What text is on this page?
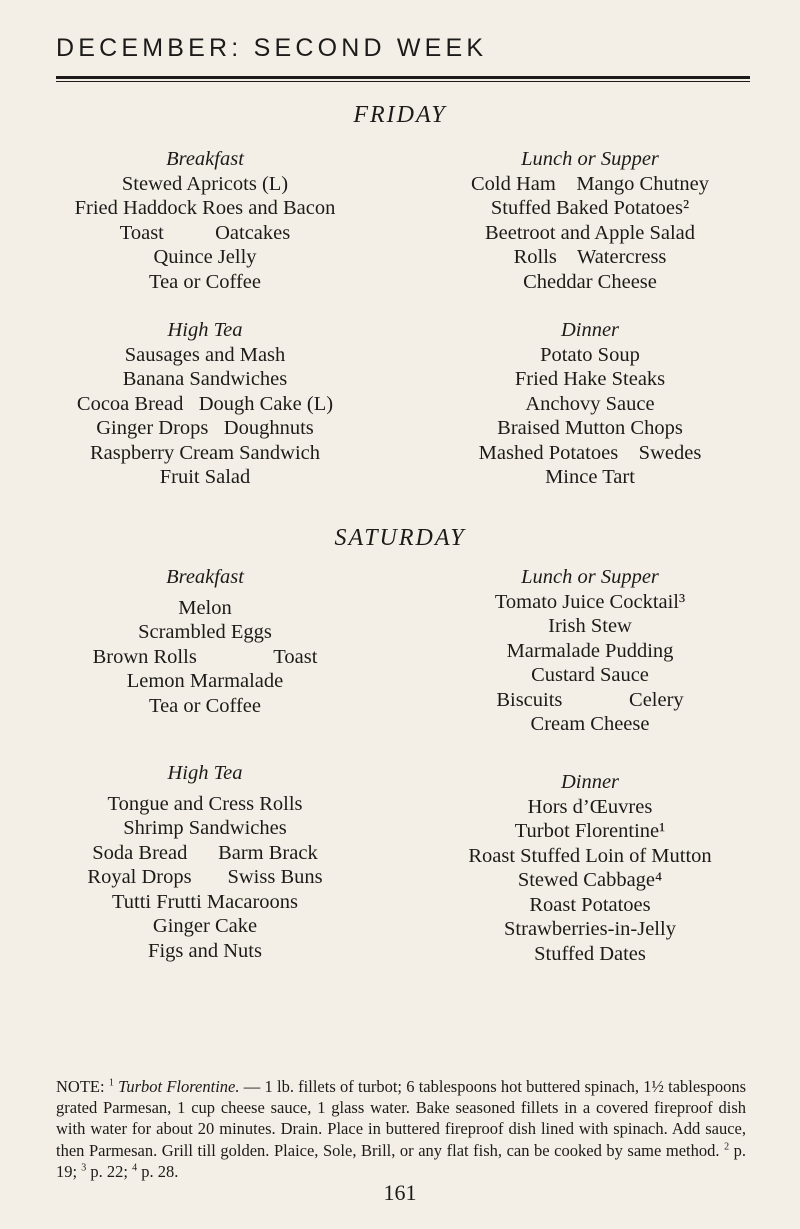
DECEMBER: SECOND WEEK
FRIDAY
Breakfast
Stewed Apricots (L)
Fried Haddock Roes and Bacon
Toast          Oatcakes
Quince Jelly
Tea or Coffee
Lunch or Supper
Cold Ham    Mango Chutney
Stuffed Baked Potatoes²
Beetroot and Apple Salad
Rolls    Watercress
Cheddar Cheese
High Tea
Sausages and Mash
Banana Sandwiches
Cocoa Bread   Dough Cake (L)
Ginger Drops   Doughnuts
Raspberry Cream Sandwich
Fruit Salad
Dinner
Potato Soup
Fried Hake Steaks
Anchovy Sauce
Braised Mutton Chops
Mashed Potatoes    Swedes
Mince Tart
SATURDAY
Breakfast
Melon
Scrambled Eggs
Brown Rolls               Toast
Lemon Marmalade
Tea or Coffee
Lunch or Supper
Tomato Juice Cocktail³
Irish Stew
Marmalade Pudding
Custard Sauce
Biscuits             Celery
Cream Cheese
High Tea
Tongue and Cress Rolls
Shrimp Sandwiches
Soda Bread      Barm Brack
Royal Drops       Swiss Buns
Tutti Frutti Macaroons
Ginger Cake
Figs and Nuts
Dinner
Hors d’Œuvres
Turbot Florentine¹
Roast Stuffed Loin of Mutton
Stewed Cabbage⁴
Roast Potatoes
Strawberries-in-Jelly
Stuffed Dates
NOTE: $^1$ Turbot Florentine. — 1 lb. fillets of turbot; 6 tablespoons hot buttered spinach, 1½ tablespoons grated Parmesan, 1 cup cheese sauce, 1 glass water. Bake seasoned fillets in a covered fireproof dish with water for about 20 minutes. Drain. Place in buttered fireproof dish lined with spinach. Add sauce, then Parmesan. Grill till golden. Plaice, Sole, Brill, or any flat fish, can be cooked by same method. $^2$ p. 19; $^3$ p. 22; $^4$ p. 28.
161
